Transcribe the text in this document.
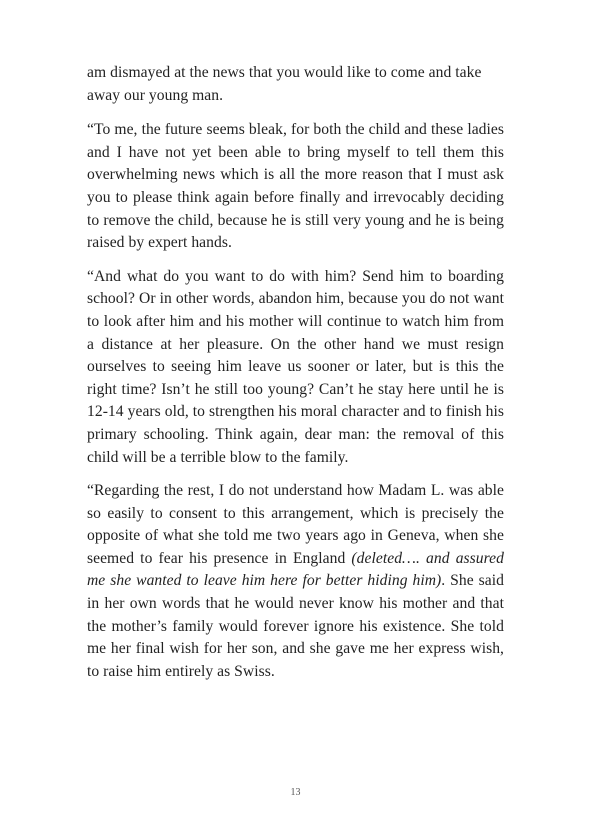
am dismayed at the news that you would like to come and take away our young man.

“To me, the future seems bleak, for both the child and these ladies and I have not yet been able to bring myself to tell them this overwhelming news which is all the more reason that I must ask you to please think again before finally and irrevocably deciding to remove the child, because he is still very young and he is being raised by expert hands.

“And what do you want to do with him? Send him to boarding school? Or in other words, abandon him, because you do not want to look after him and his mother will continue to watch him from a distance at her pleasure. On the other hand we must resign ourselves to seeing him leave us sooner or later, but is this the right time? Isn’t he still too young? Can’t he stay here until he is 12-14 years old, to strengthen his moral character and to finish his primary schooling. Think again, dear man: the removal of this child will be a terrible blow to the family.

“Regarding the rest, I do not understand how Madam L. was able so easily to consent to this arrangement, which is precisely the opposite of what she told me two years ago in Geneva, when she seemed to fear his presence in England (deleted…. and assured me she wanted to leave him here for better hiding him). She said in her own words that he would never know his mother and that the mother’s family would forever ignore his existence. She told me her final wish for her son, and she gave me her express wish, to raise him entirely as Swiss.

13
